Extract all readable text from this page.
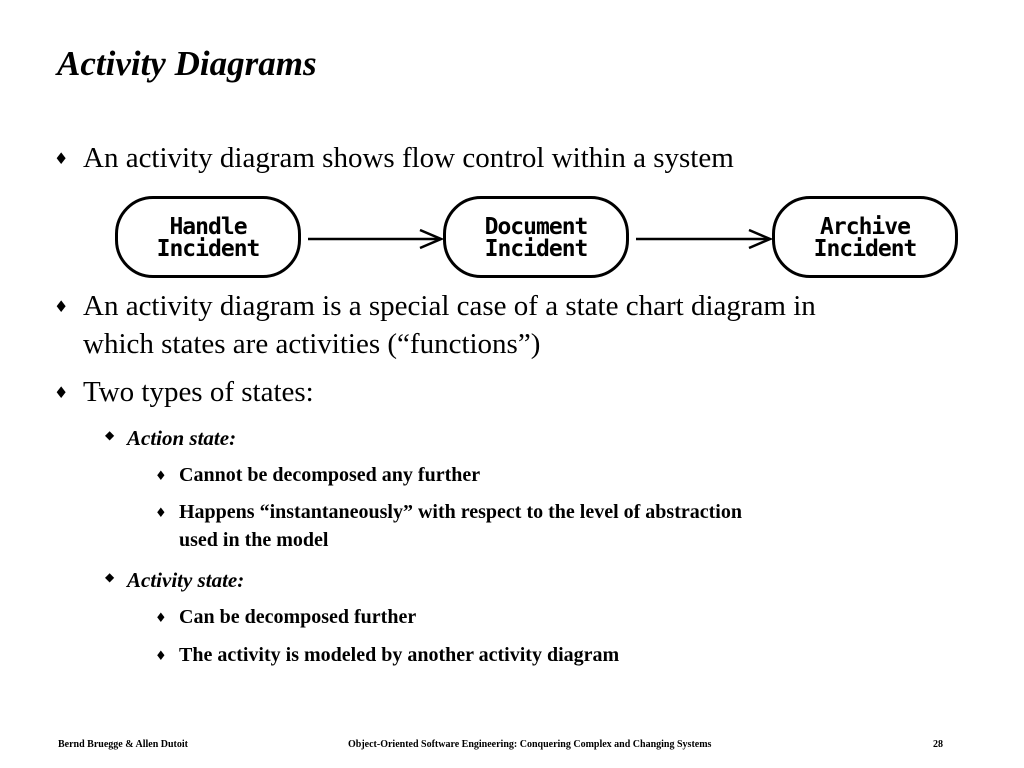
Activity Diagrams
♦ An activity diagram shows flow control within a system
Handle
Incident
Document
Incident
Archive
Incident
♦ An activity diagram is a special case of a state chart diagram in
which states are activities (“functions”)
♦ Two types of states:
◆ Action state:
♦ Cannot be decomposed any further
♦ Happens “instantaneously” with respect to the level of abstraction
used in the model
◆ Activity state:
♦ Can be decomposed further
♦ The activity is modeled by another activity diagram
Bernd Bruegge & Allen Dutoit	Object-Oriented Software Engineering: Conquering Complex and Changing Systems	28
